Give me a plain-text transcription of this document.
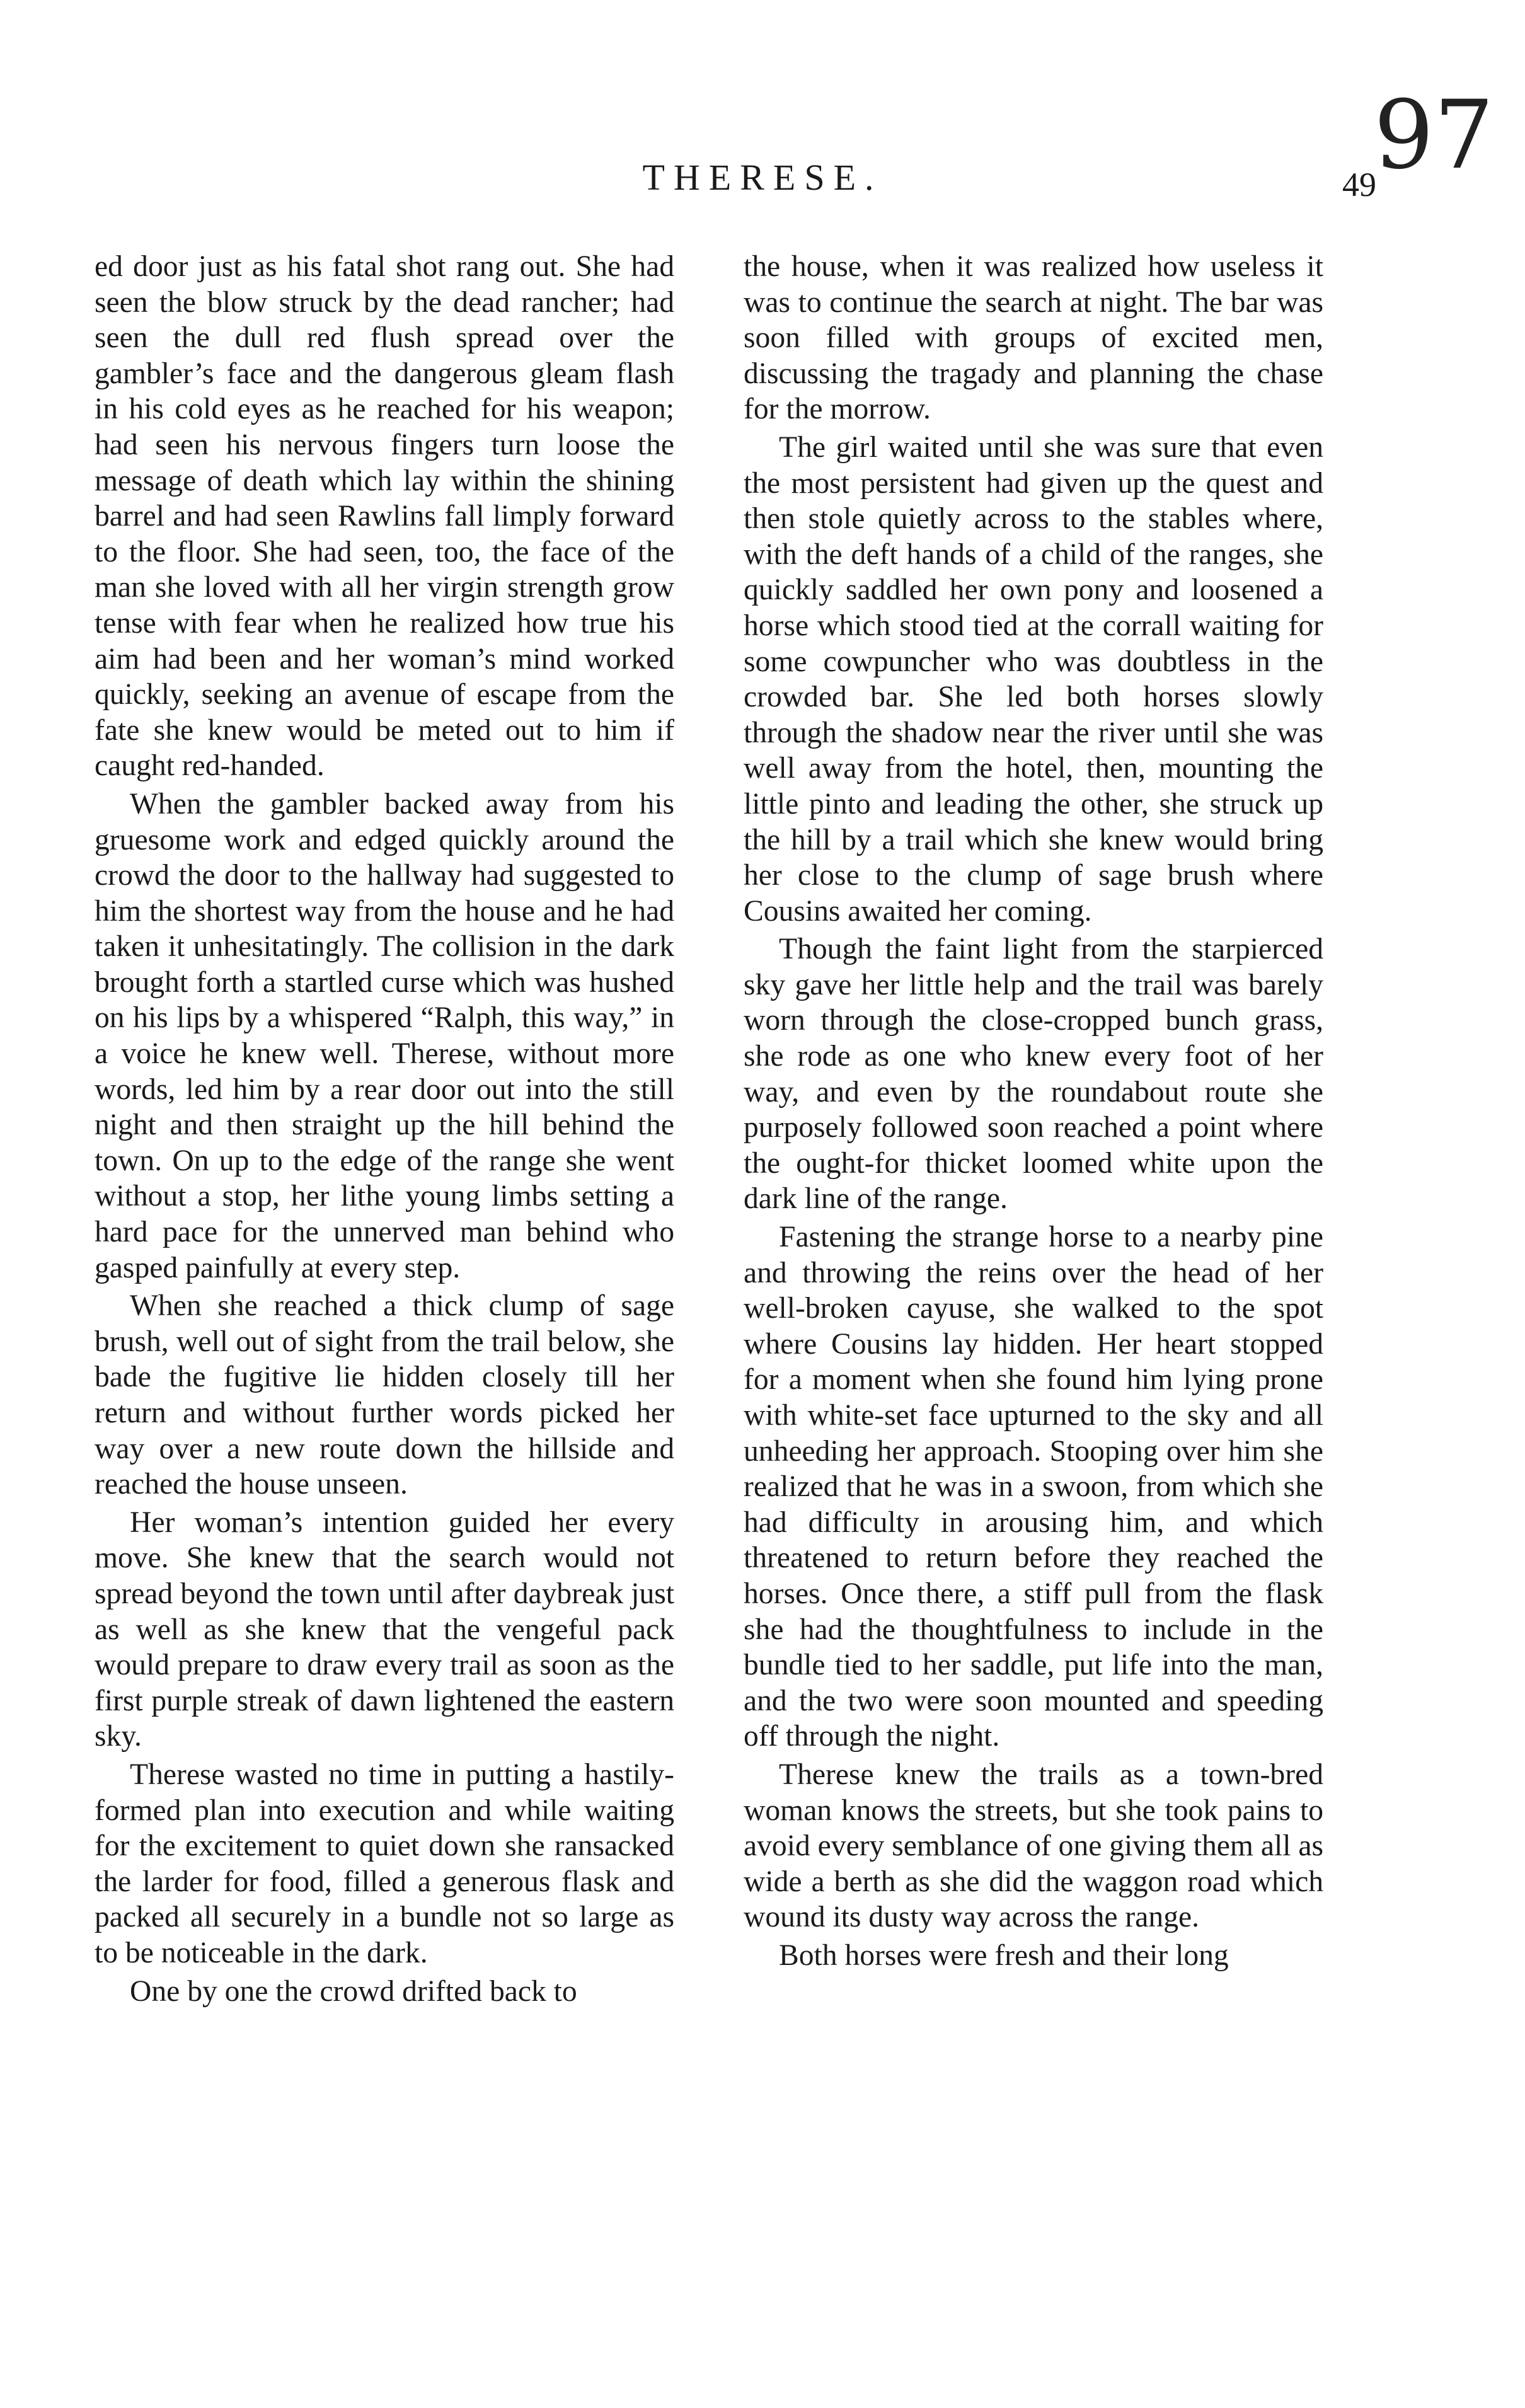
97
THERESE.	49

ed door just as his fatal shot rang out. She had seen the blow struck by the dead rancher; had seen the dull red flush spread over the gambler’s face and the dangerous gleam flash in his cold eyes as he reached for his weapon; had seen his nervous fingers turn loose the message of death which lay within the shining barrel and had seen Rawlins fall limply forward to the floor. She had seen, too, the face of the man she loved with all her virgin strength grow tense with fear when he realized how true his aim had been and her woman’s mind worked quickly, seeking an avenue of escape from the fate she knew would be meted out to him if caught red-handed.

When the gambler backed away from his gruesome work and edged quickly around the crowd the door to the hallway had suggested to him the shortest way from the house and he had taken it unhesitatingly. The collision in the dark brought forth a startled curse which was hushed on his lips by a whispered “Ralph, this way,” in a voice he knew well. Therese, without more words, led him by a rear door out into the still night and then straight up the hill behind the town. On up to the edge of the range she went without a stop, her lithe young limbs setting a hard pace for the unnerved man behind who gasped painfully at every step.

When she reached a thick clump of sage brush, well out of sight from the trail below, she bade the fugitive lie hidden closely till her return and without further words picked her way over a new route down the hillside and reached the house unseen.

Her woman’s intention guided her every move. She knew that the search would not spread beyond the town until after daybreak just as well as she knew that the vengeful pack would prepare to draw every trail as soon as the first purple streak of dawn lightened the eastern sky.

Therese wasted no time in putting a hastily-formed plan into execution and while waiting for the excitement to quiet down she ransacked the larder for food, filled a generous flask and packed all securely in a bundle not so large as to be noticeable in the dark.

One by one the crowd drifted back to

the house, when it was realized how useless it was to continue the search at night. The bar was soon filled with groups of excited men, discussing the tragady and planning the chase for the morrow.

The girl waited until she was sure that even the most persistent had given up the quest and then stole quietly across to the stables where, with the deft hands of a child of the ranges, she quickly saddled her own pony and loosened a horse which stood tied at the corrall waiting for some cowpuncher who was doubtless in the crowded bar. She led both horses slowly through the shadow near the river until she was well away from the hotel, then, mounting the little pinto and leading the other, she struck up the hill by a trail which she knew would bring her close to the clump of sage brush where Cousins awaited her coming.

Though the faint light from the starpierced sky gave her little help and the trail was barely worn through the close-cropped bunch grass, she rode as one who knew every foot of her way, and even by the roundabout route she purposely followed soon reached a point where the ought-for thicket loomed white upon the dark line of the range.

Fastening the strange horse to a nearby pine and throwing the reins over the head of her well-broken cayuse, she walked to the spot where Cousins lay hidden. Her heart stopped for a moment when she found him lying prone with white-set face upturned to the sky and all unheeding her approach. Stooping over him she realized that he was in a swoon, from which she had difficulty in arousing him, and which threatened to return before they reached the horses. Once there, a stiff pull from the flask she had the thoughtfulness to include in the bundle tied to her saddle, put life into the man, and the two were soon mounted and speeding off through the night.

Therese knew the trails as a town-bred woman knows the streets, but she took pains to avoid every semblance of one giving them all as wide a berth as she did the waggon road which wound its dusty way across the range.

Both horses were fresh and their long
